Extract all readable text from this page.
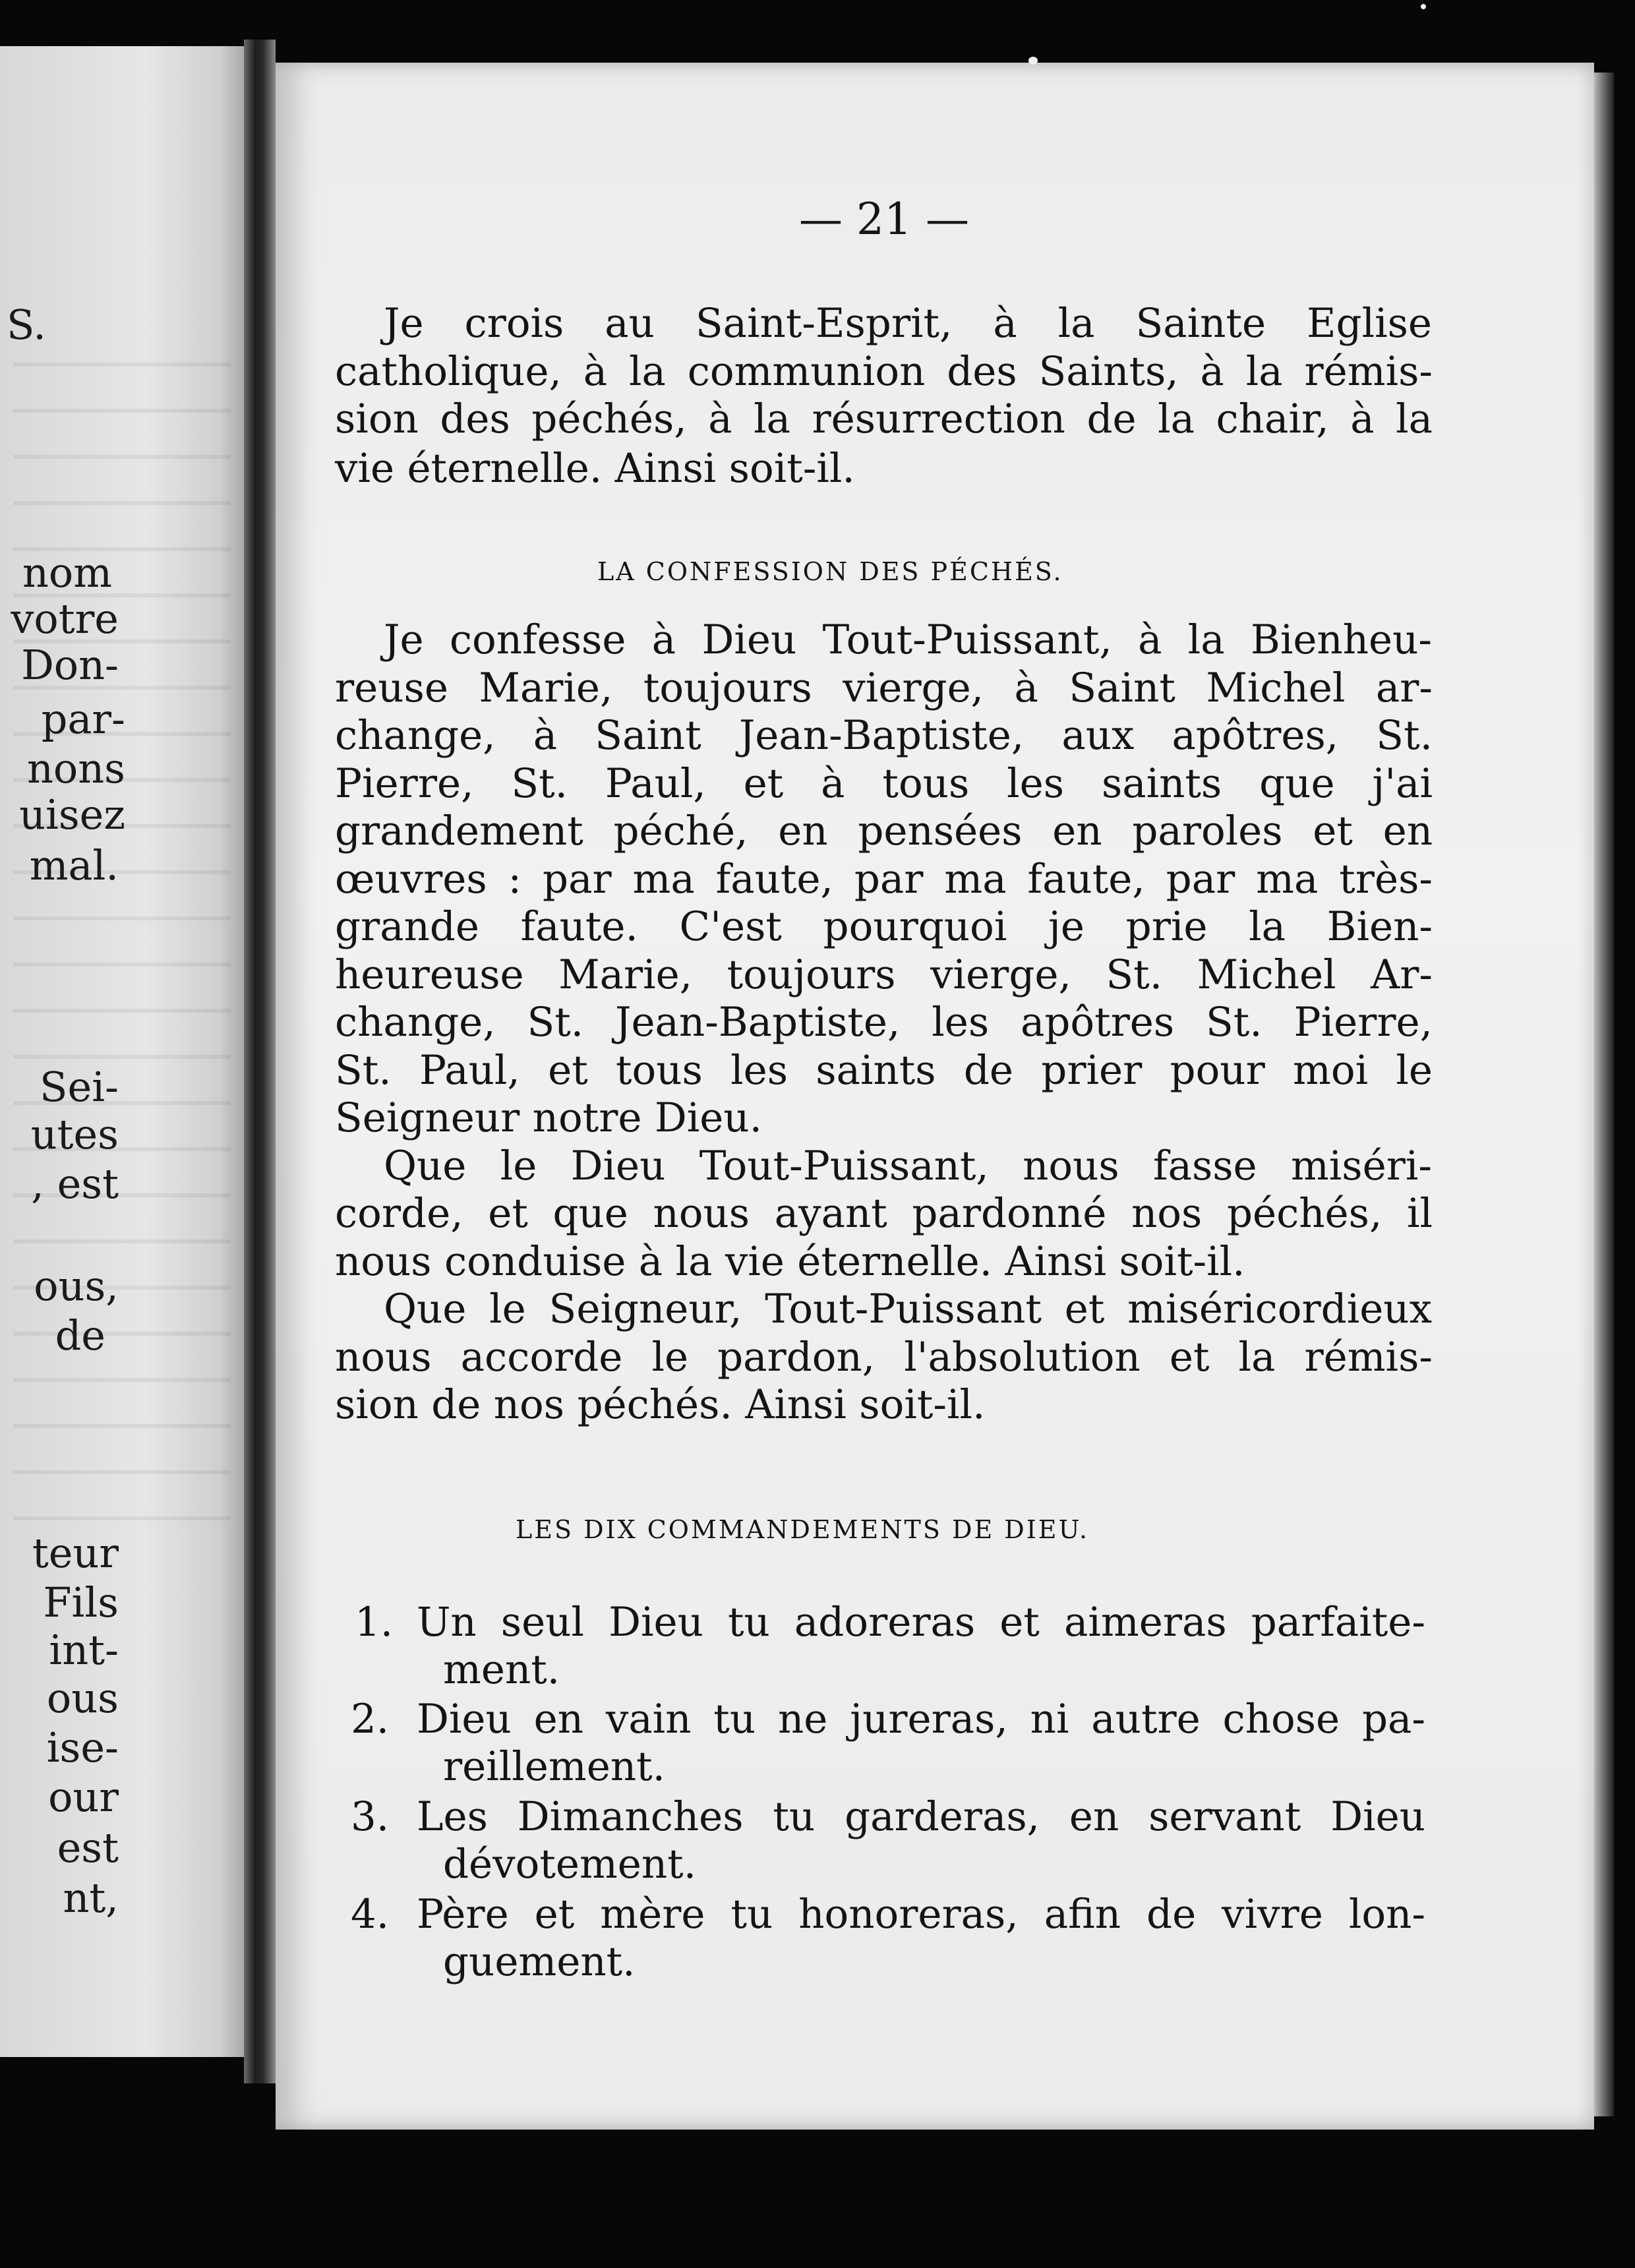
S.
nom
votre
Don-
par-
nons
uisez
mal.
Sei-
utes
, est
ous,
de
teur
Fils
int-
ous
ise-
our
est
nt,
— 21 —
Je crois au Saint-Esprit, à la Sainte Eglise
catholique, à la communion des Saints, à la rémis-
sion des péchés, à la résurrection de la chair, à la
vie éternelle. Ainsi soit-il.
LA CONFESSION DES PÉCHÉS.
Je confesse à Dieu Tout-Puissant, à la Bienheu-
reuse Marie, toujours vierge, à Saint Michel ar-
change, à Saint Jean-Baptiste, aux apôtres, St.
Pierre, St. Paul, et à tous les saints que j'ai
grandement péché, en pensées en paroles et en
œuvres : par ma faute, par ma faute, par ma très-
grande faute. C'est pourquoi je prie la Bien-
heureuse Marie, toujours vierge, St. Michel Ar-
change, St. Jean-Baptiste, les apôtres St. Pierre,
St. Paul, et tous les saints de prier pour moi le
Seigneur notre Dieu.
Que le Dieu Tout-Puissant, nous fasse miséri-
corde, et que nous ayant pardonné nos péchés, il
nous conduise à la vie éternelle. Ainsi soit-il.
Que le Seigneur, Tout-Puissant et miséricordieux
nous accorde le pardon, l'absolution et la rémis-
sion de nos péchés. Ainsi soit-il.
LES DIX COMMANDEMENTS DE DIEU.
1. Un seul Dieu tu adoreras et aimeras parfaite-
ment.
2. Dieu en vain tu ne jureras, ni autre chose pa-
reillement.
3. Les Dimanches tu garderas, en servant Dieu
dévotement.
4. Père et mère tu honoreras, afin de vivre lon-
guement.
